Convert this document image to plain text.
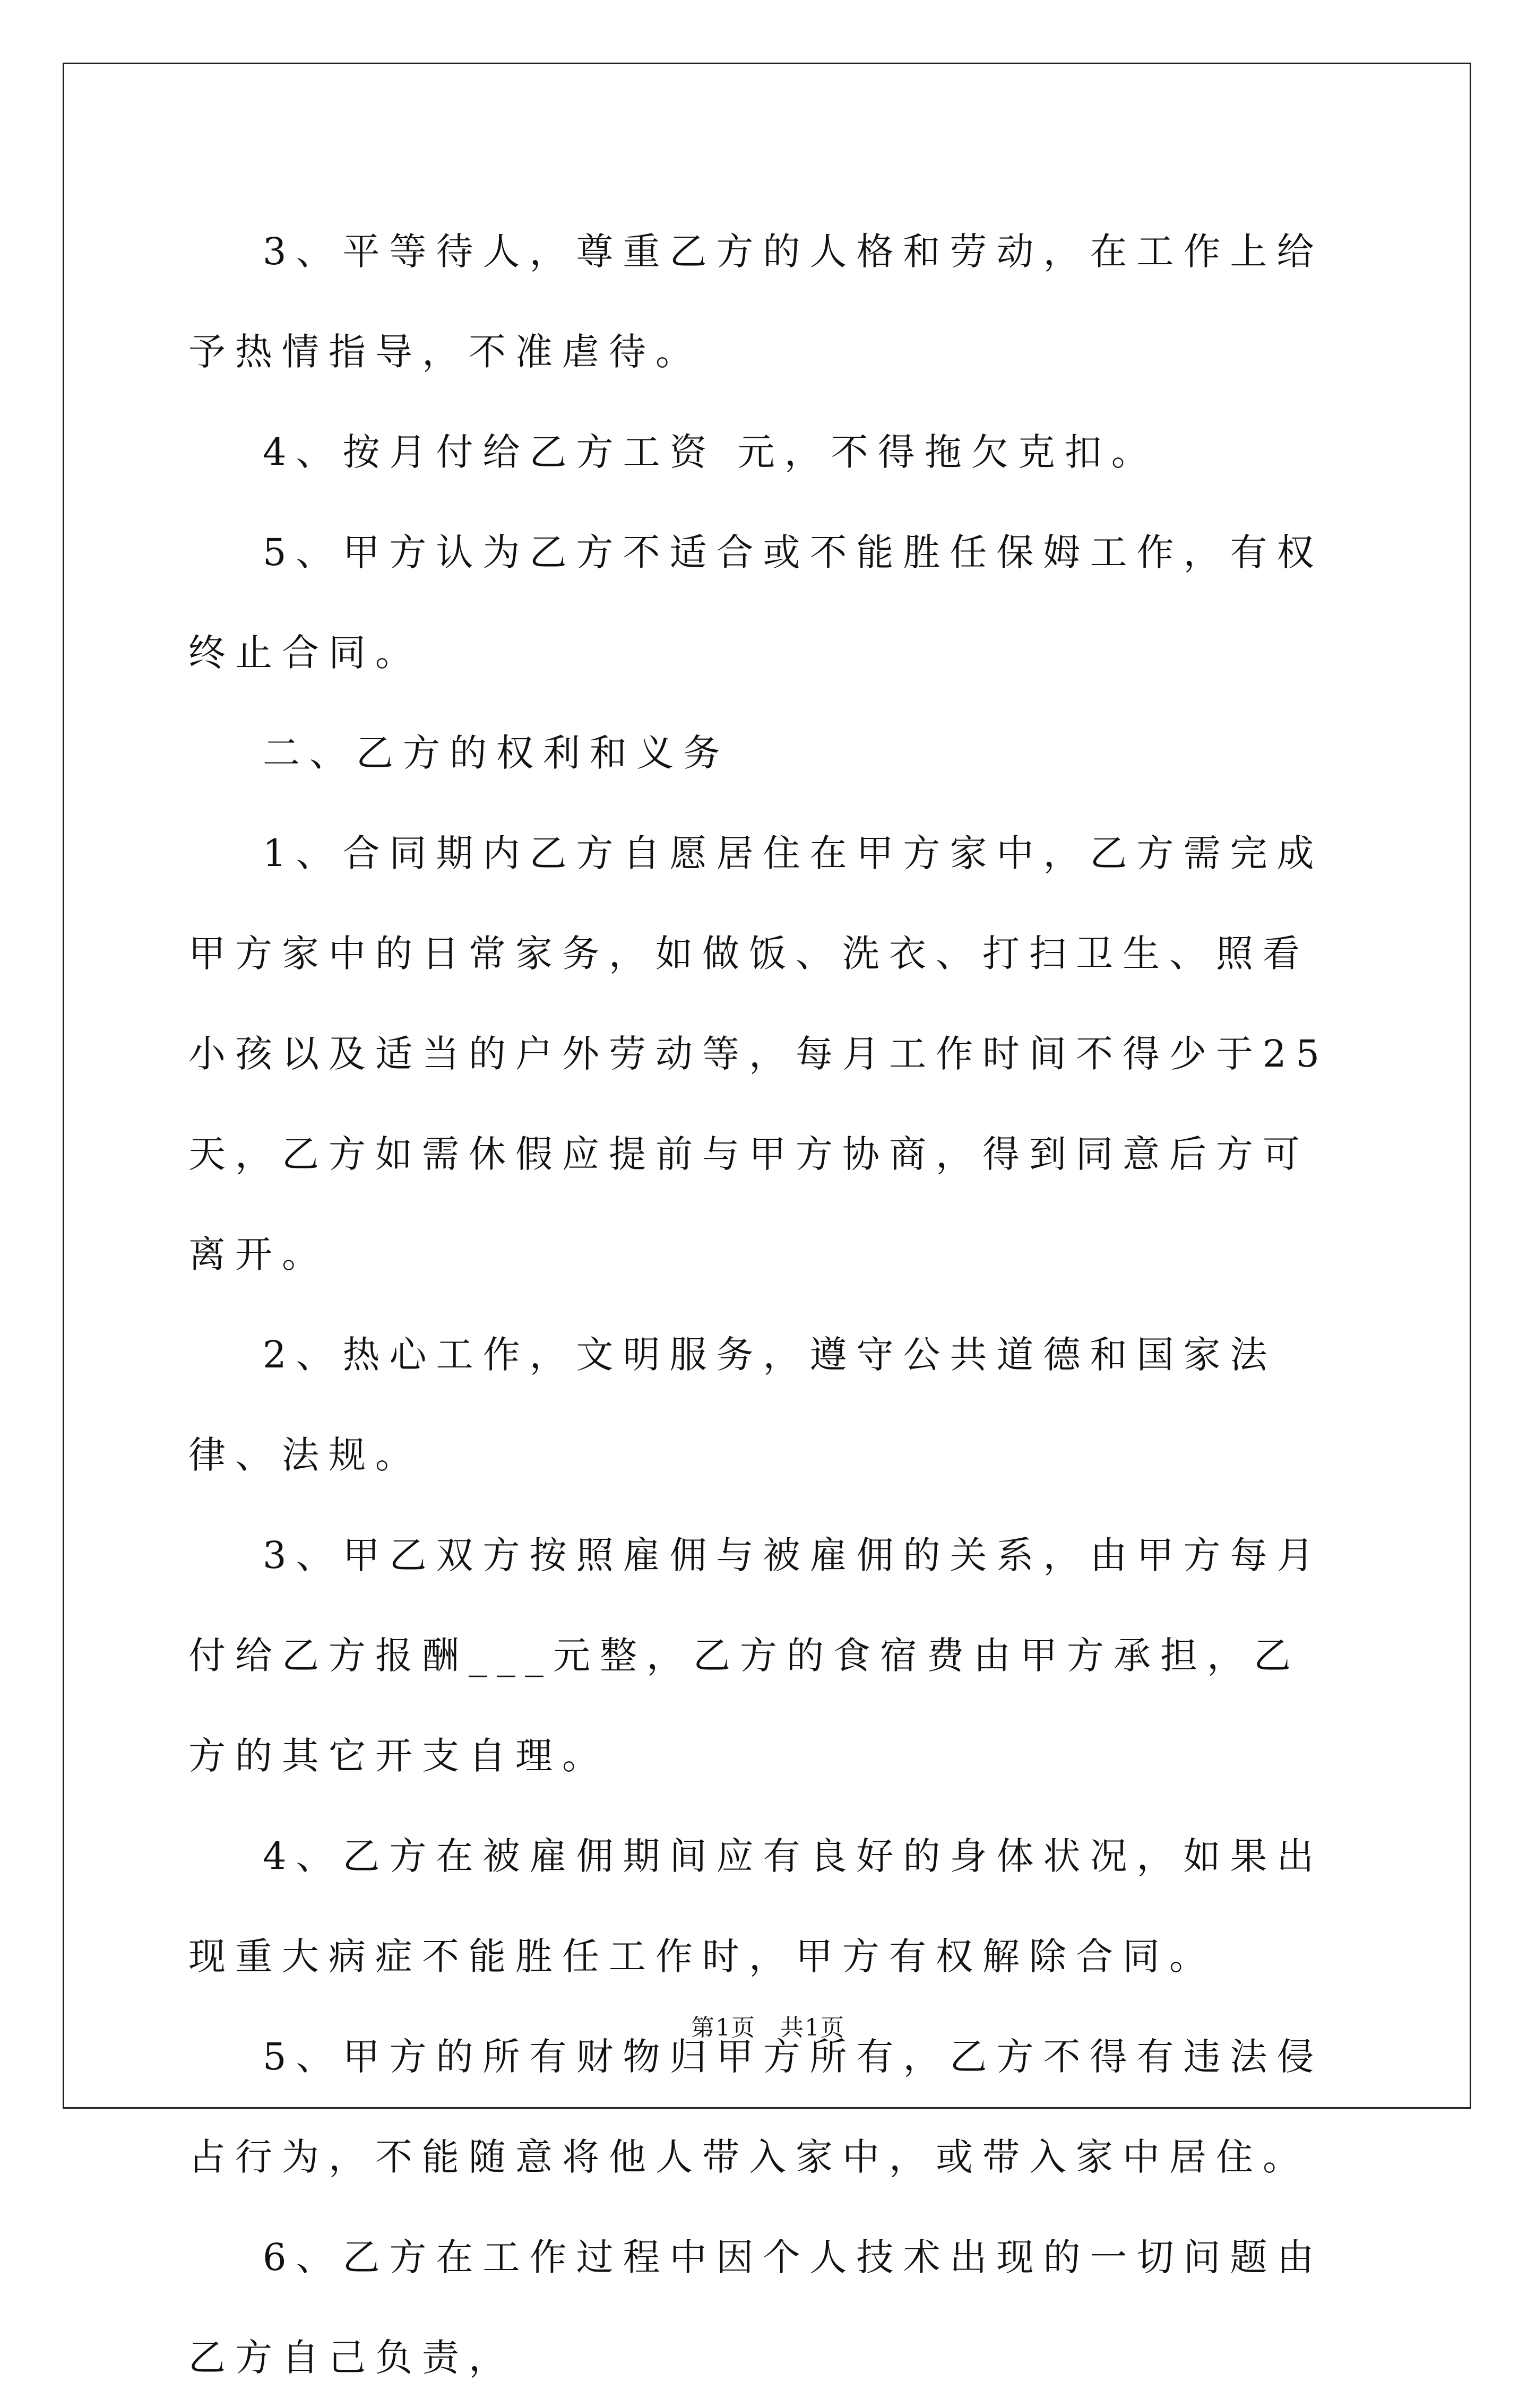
3、平等待人，尊重乙方的人格和劳动，在工作上给予热情指导，不准虐待。

4、按月付给乙方工资 元，不得拖欠克扣。

5、甲方认为乙方不适合或不能胜任保姆工作，有权终止合同。

二、乙方的权利和义务

1、合同期内乙方自愿居住在甲方家中，乙方需完成甲方家中的日常家务，如做饭、洗衣、打扫卫生、照看小孩以及适当的户外劳动等，每月工作时间不得少于25天，乙方如需休假应提前与甲方协商，得到同意后方可离开。

2、热心工作，文明服务，遵守公共道德和国家法律、法规。

3、甲乙双方按照雇佣与被雇佣的关系，由甲方每月付给乙方报酬___元整，乙方的食宿费由甲方承担，乙方的其它开支自理。

4、乙方在被雇佣期间应有良好的身体状况，如果出现重大病症不能胜任工作时，甲方有权解除合同。

5、甲方的所有财物归甲方所有，乙方不得有违法侵占行为，不能随意将他人带入家中，或带入家中居住。

6、乙方在工作过程中因个人技术出现的一切问题由乙方自己负责，

第1页　共1页
